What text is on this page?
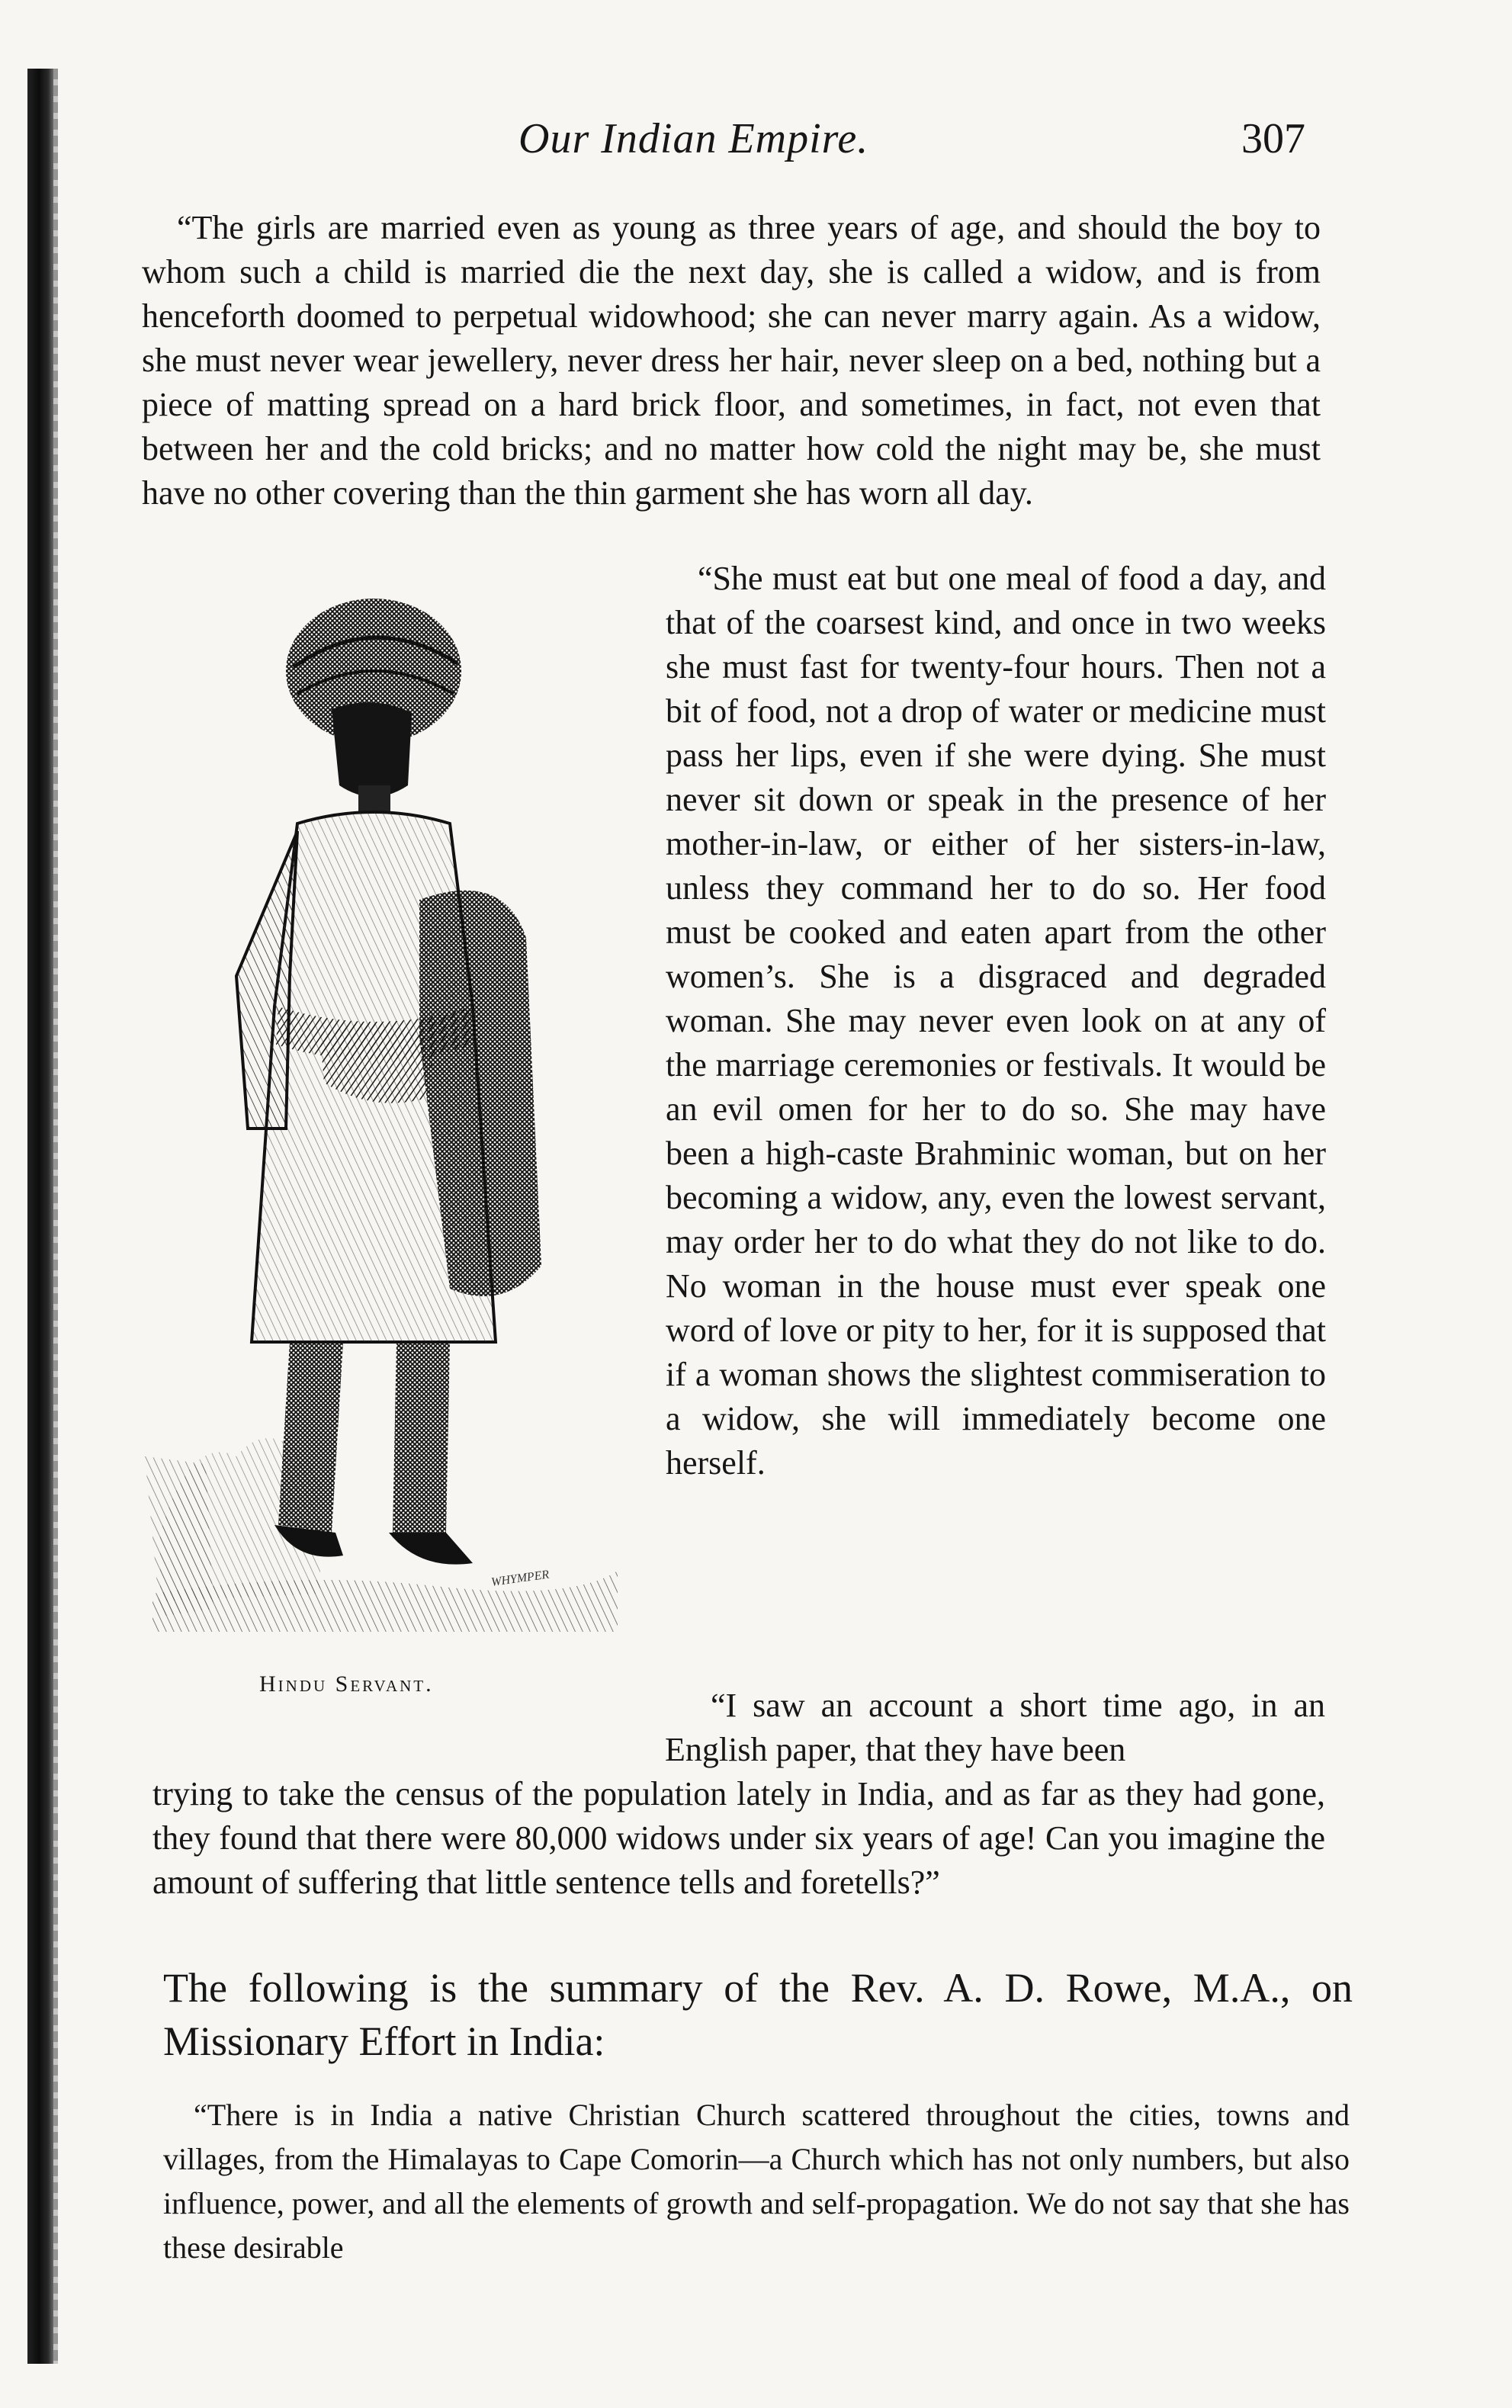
Our Indian Empire.	307

“The girls are married even as young as three years of age, and should the boy to whom such a child is married die the next day, she is called a widow, and is from henceforth doomed to perpetual widowhood; she can never marry again. As a widow, she must never wear jewellery, never dress her hair, never sleep on a bed, nothing but a piece of matting spread on a hard brick floor, and sometimes, in fact, not even that between her and the cold bricks; and no matter how cold the night may be, she must have no other covering than the thin garment she has worn all day.

WHYMPER
Hindu Servant.

“She must eat but one meal of food a day, and that of the coarsest kind, and once in two weeks she must fast for twenty-four hours. Then not a bit of food, not a drop of water or medicine must pass her lips, even if she were dying. She must never sit down or speak in the presence of her mother-in-law, or either of her sisters-in-law, unless they command her to do so. Her food must be cooked and eaten apart from the other women’s. She is a disgraced and degraded woman. She may never even look on at any of the marriage ceremonies or festivals. It would be an evil omen for her to do so. She may have been a high-caste Brahminic woman, but on her becoming a widow, any, even the lowest servant, may order her to do what they do not like to do. No woman in the house must ever speak one word of love or pity to her, for it is supposed that if a woman shows the slightest commiseration to a widow, she will immediately become one herself.

“I saw an account a short time ago, in an English paper, that they have been
trying to take the census of the population lately in India, and as far as they had gone, they found that there were 80,000 widows under six years of age! Can you imagine the amount of suffering that little sentence tells and foretells?”

The following is the summary of the Rev. A. D. Rowe, M.A., on Missionary Effort in India:

“There is in India a native Christian Church scattered throughout the cities, towns and villages, from the Himalayas to Cape Comorin—a Church which has not only numbers, but also influence, power, and all the elements of growth and self-propagation. We do not say that she has these desirable
